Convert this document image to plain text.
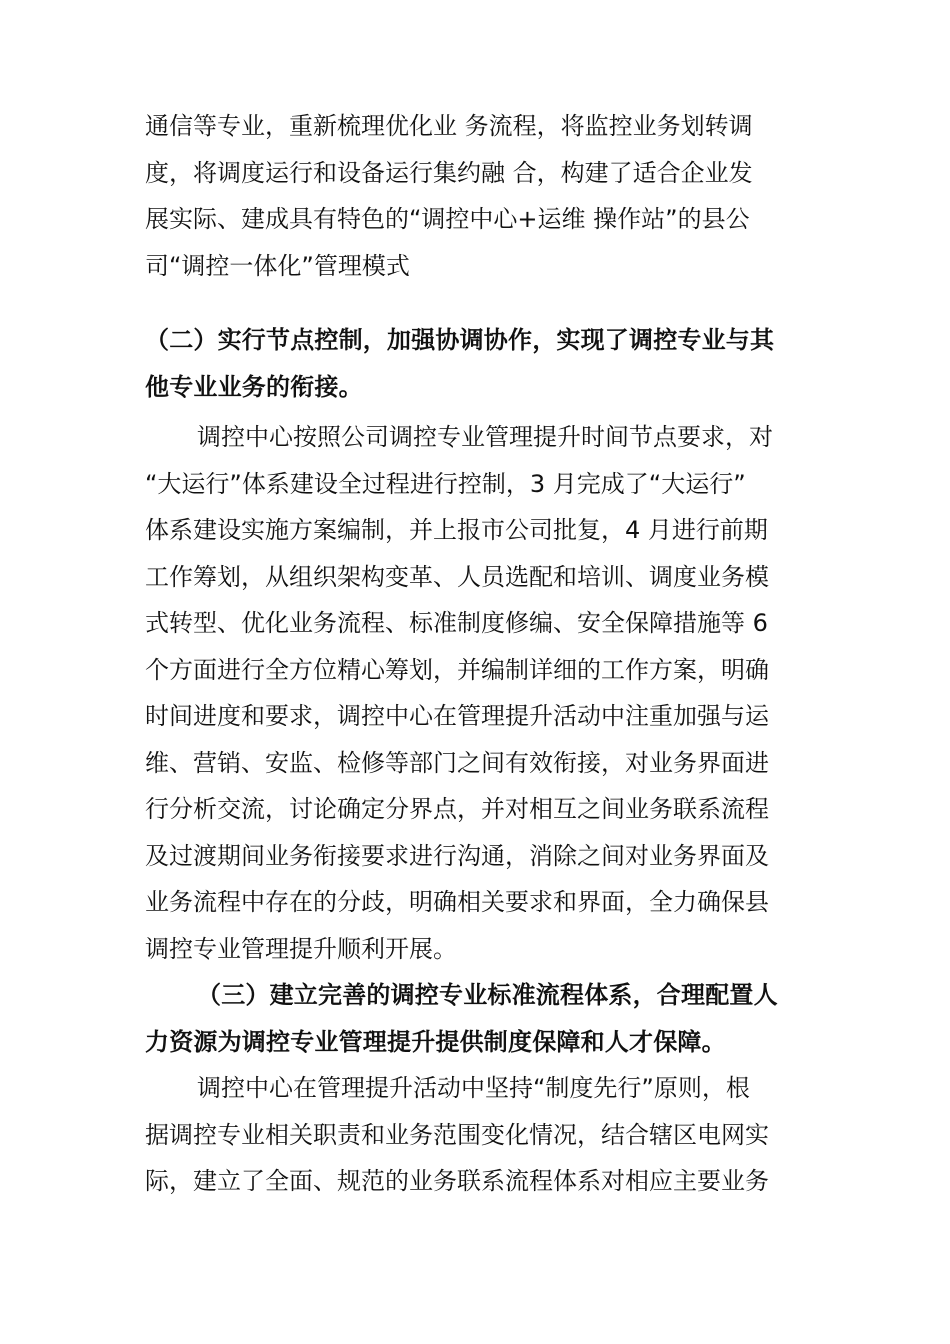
通信等专业，重新梳理优化业 务流程，将监控业务划转调
度，将调度运行和设备运行集约融 合，构建了适合企业发
展实际、建成具有特色的“调控中心+运维 操作站”的县公
司“调控一体化”管理模式
（二）实行节点控制，加强协调协作，实现了调控专业与其
他专业业务的衔接。
调控中心按照公司调控专业管理提升时间节点要求，对
“大运行”体系建设全过程进行控制，3 月完成了“大运行”
体系建设实施方案编制，并上报市公司批复，4 月进行前期
工作筹划，从组织架构变革、人员选配和培训、调度业务模
式转型、优化业务流程、标准制度修编、安全保障措施等 6
个方面进行全方位精心筹划，并编制详细的工作方案，明确
时间进度和要求，调控中心在管理提升活动中注重加强与运
维、营销、安监、检修等部门之间有效衔接，对业务界面进
行分析交流，讨论确定分界点，并对相互之间业务联系流程
及过渡期间业务衔接要求进行沟通，消除之间对业务界面及
业务流程中存在的分歧，明确相关要求和界面，全力确保县
调控专业管理提升顺利开展。
（三）建立完善的调控专业标准流程体系，合理配置人
力资源为调控专业管理提升提供制度保障和人才保障。
调控中心在管理提升活动中坚持“制度先行”原则，根
据调控专业相关职责和业务范围变化情况，结合辖区电网实
际，建立了全面、规范的业务联系流程体系对相应主要业务
